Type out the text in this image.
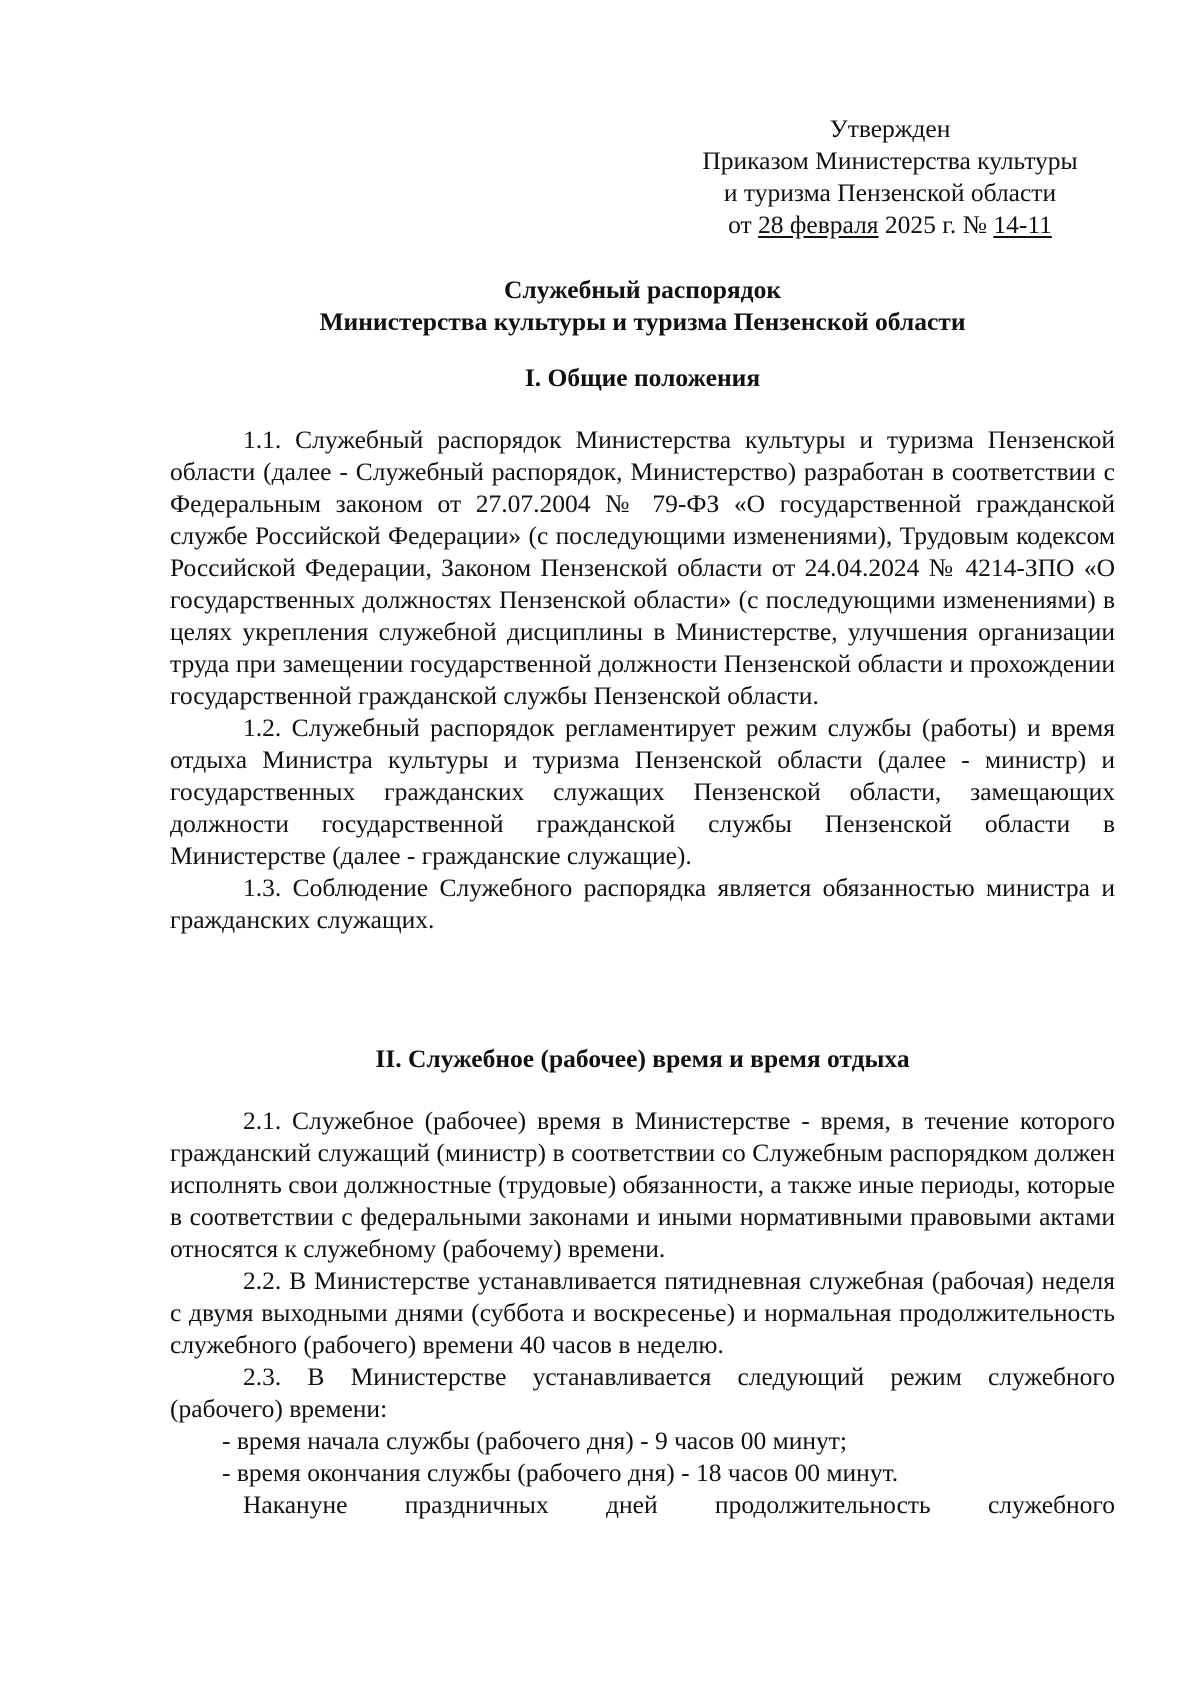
Утвержден
Приказом Министерства культуры
и туризма Пензенской области
от 28 февраля 2025 г. № 14-11
Служебный распорядок
Министерства культуры и туризма Пензенской области
I. Общие положения

1.1. Служебный распорядок Министерства культуры и туризма Пензенской области (далее - Служебный распорядок, Министерство) разработан в соответствии с Федеральным законом от 27.07.2004 № 79-ФЗ «О государственной гражданской службе Российской Федерации» (с последующими изменениями), Трудовым кодексом Российской Федерации, Законом Пензенской области от 24.04.2024 № 4214-ЗПО «О государственных должностях Пензенской области» (с последующими изменениями) в целях укрепления служебной дисциплины в Министерстве, улучшения организации труда при замещении государственной должности Пензенской области и прохождении государственной гражданской службы Пензенской области.

1.2. Служебный распорядок регламентирует режим службы (работы) и время отдыха Министра культуры и туризма Пензенской области (далее - министр) и государственных гражданских служащих Пензенской области, замещающих должности государственной гражданской службы Пензенской области в Министерстве (далее - гражданские служащие).

1.3. Соблюдение Служебного распорядка является обязанностью министра и гражданских служащих.

II. Служебное (рабочее) время и время отдыха

2.1. Служебное (рабочее) время в Министерстве - время, в течение которого гражданский служащий (министр) в соответствии со Служебным распорядком должен исполнять свои должностные (трудовые) обязанности, а также иные периоды, которые в соответствии с федеральными законами и иными нормативными правовыми актами относятся к служебному (рабочему) времени.

2.2. В Министерстве устанавливается пятидневная служебная (рабочая) неделя с двумя выходными днями (суббота и воскресенье) и нормальная продолжительность служебного (рабочего) времени 40 часов в неделю.

2.3. В Министерстве устанавливается следующий режим служебного (рабочего) времени:

- время начала службы (рабочего дня) - 9 часов 00 минут;

- время окончания службы (рабочего дня) - 18 часов 00 минут.

Накануне праздничных дней продолжительность служебного
